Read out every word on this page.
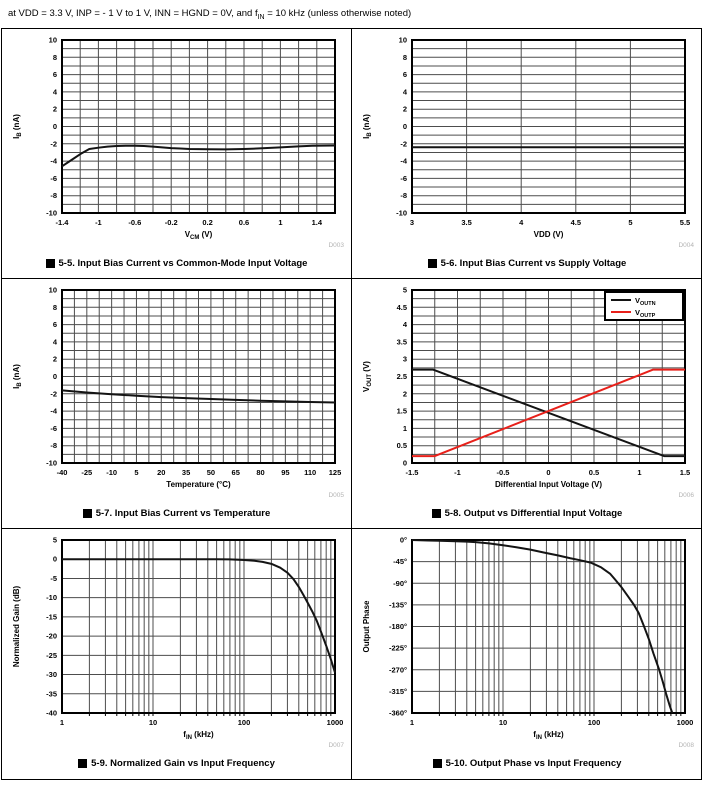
at VDD = 3.3 V, INP = - 1 V to 1 V, INN = HGND = 0V, and $f_{IN} = 10$ kHz (unless otherwise noted)
-1.4	-1	-0.6	-0.2	0.2	0.6	1	1.4
10
8
6
4
2
0
-2
-4
-6
-8
-10
$V_{CM}$ (V)
$I_B$ (nA)
D003
5-5. Input Bias Current vs Common-Mode Input Voltage
3	3.5	4	4.5	5	5.5
10
8
6
4
2
0
-2
-4
-6
-8
-10
VDD (V)
$I_B$ (nA)
D004
5-6. Input Bias Current vs Supply Voltage
-40 -25 -10 5 20 35 50 65 80 95 110 125
10
8
6
4
2
0
-2
-4
-6
-8
-10
Temperature (°C)
$I_B$ (nA)
D005
5-7. Input Bias Current vs Temperature
-1.5	-1	-0.5	0	0.5	1	1.5
5
4.5
4
3.5
3
2.5
2
1.5
1
0.5
0
Differential Input Voltage (V)
$V_{OUT}$ (V)
D006
$V_{OUTN}$
$V_{OUTP}$
5-8. Output vs Differential Input Voltage
1	10	100	1000
5
0
-5
-10
-15
-20
-25
-30
-35
-40
$f_{IN}$ (kHz)
Normalized Gain (dB)
D007
5-9. Normalized Gain vs Input Frequency
1	10	100	1000
0°
-45°
-90°
-135°
-180°
-225°
-270°
-315°
-360°
$f_{IN}$ (kHz)
Output Phase
D008
5-10. Output Phase vs Input Frequency
